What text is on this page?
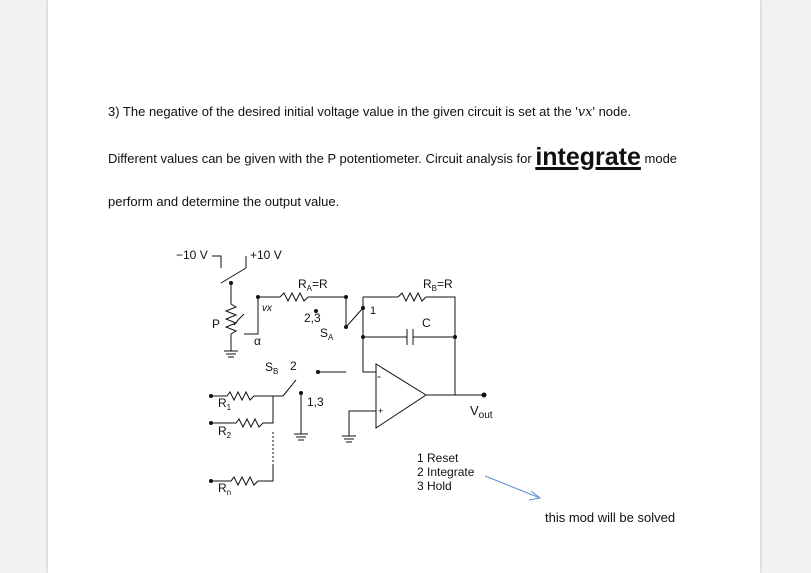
3) The negative of the desired initial voltage value in the given circuit is set at the 'vx' node.
Different values can be given with the P potentiometer. Circuit analysis for integrate mode
perform and determine the output value.
this mod will be solved
−10 V	+10 V
vx
P
α
$R_A=R$	$R_B=R$
2,3
$S_A$
1
C
$S_B$ 2
1,3
-
+
$R_1$
$R_2$
$R_n$
$V_{out}$
1 Reset
2 Integrate
3 Hold
